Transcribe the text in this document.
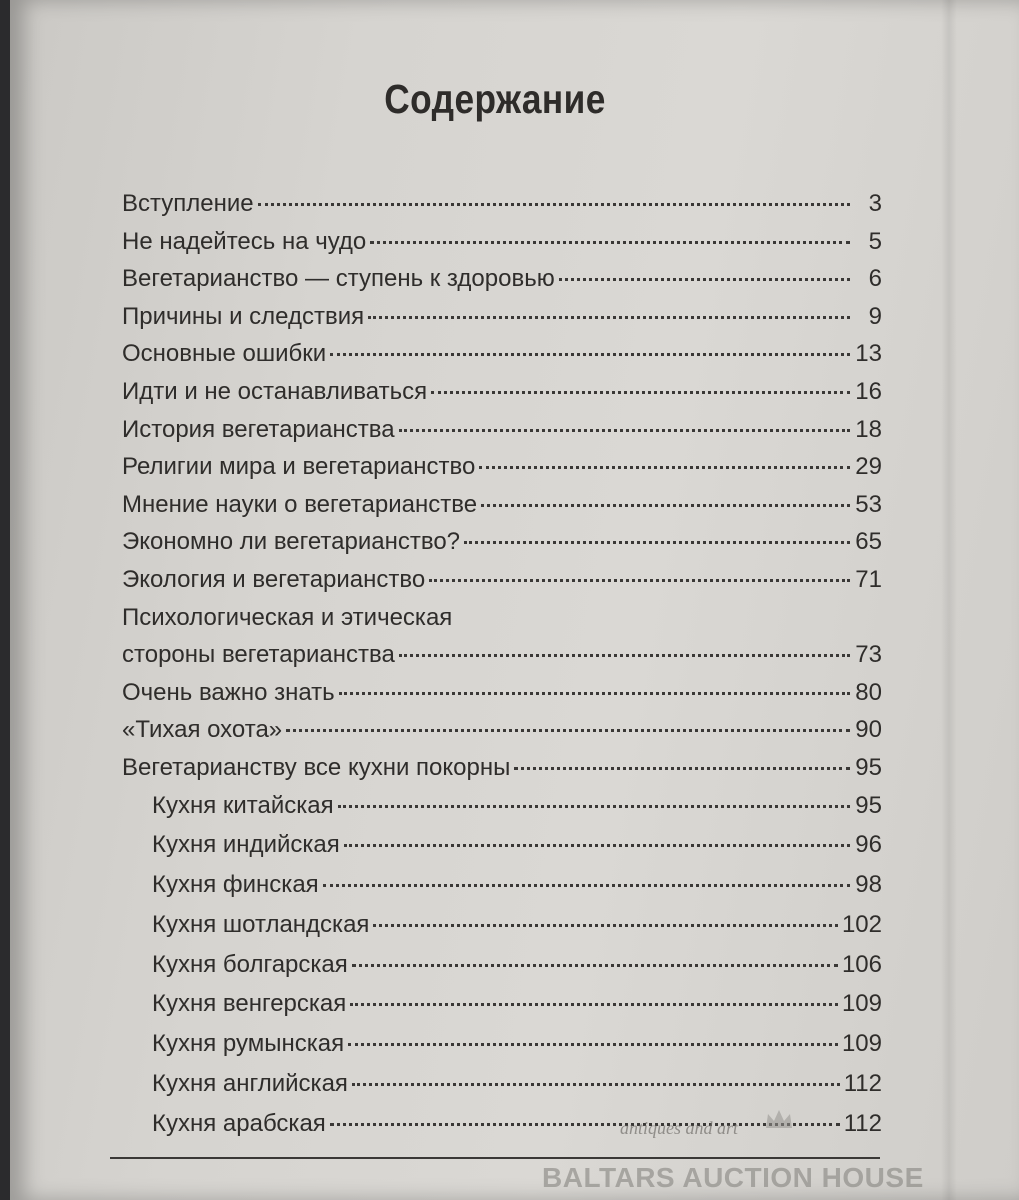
Содержание
Вступление	3
Не надейтесь на чудо	5
Вегетарианство — ступень к здоровью	6
Причины и следствия	9
Основные ошибки	13
Идти и не останавливаться	16
История вегетарианства	18
Религии мира и вегетарианство	29
Мнение науки о вегетарианстве	53
Экономно ли вегетарианство?	65
Экология и вегетарианство	71
Психологическая и этическая
стороны вегетарианства	73
Очень важно знать	80
«Тихая охота»	90
Вегетарианству все кухни покорны	95
Кухня китайская	95
Кухня индийская	96
Кухня финская	98
Кухня шотландская	102
Кухня болгарская	106
Кухня венгерская	109
Кухня румынская	109
Кухня английская	112
Кухня арабская	112
antiques and art
BALTARS AUCTION HOUSE
